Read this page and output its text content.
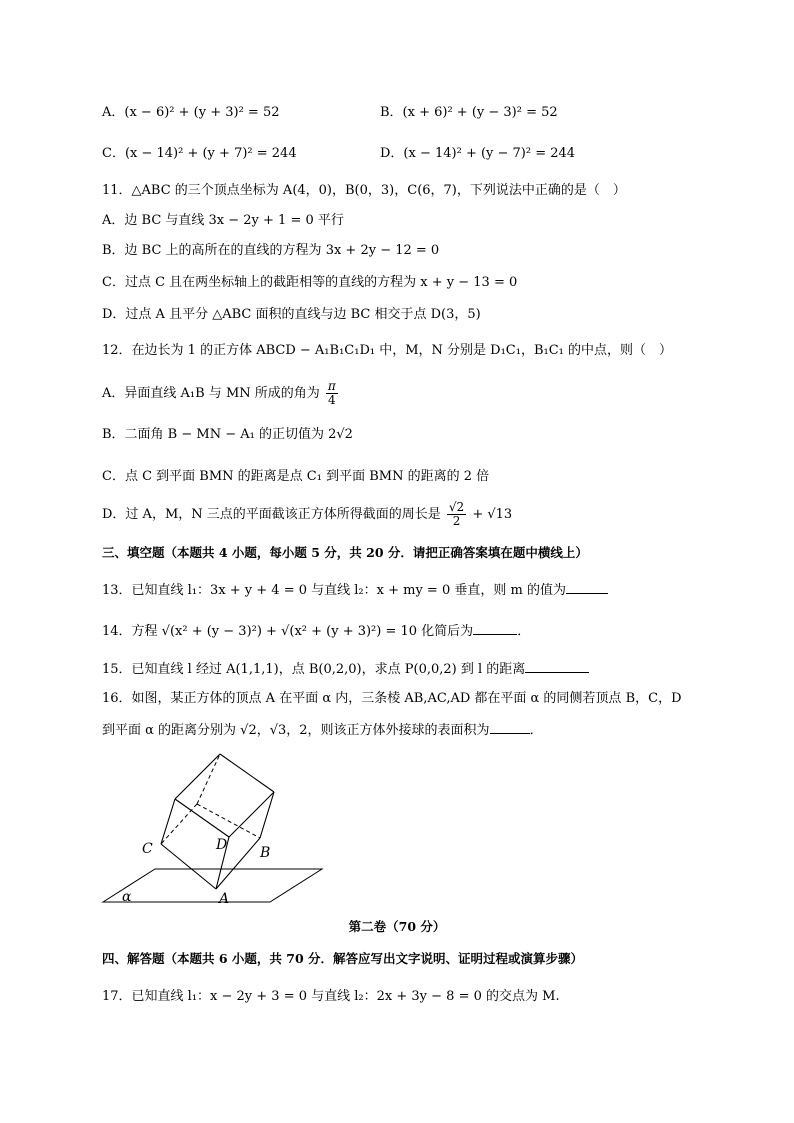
A．(x − 6)² + (y + 3)² = 52	B．(x + 6)² + (y − 3)² = 52
C．(x − 14)² + (y + 7)² = 244	D．(x − 14)² + (y − 7)² = 244
11．△ABC 的三个顶点坐标为 A(4，0)，B(0，3)，C(6，7)，下列说法中正确的是（　）
A．边 BC 与直线 3x − 2y + 1 = 0 平行
B．边 BC 上的高所在的直线的方程为 3x + 2y − 12 = 0
C．过点 C 且在两坐标轴上的截距相等的直线的方程为 x + y − 13 = 0
D．过点 A 且平分 △ABC 面积的直线与边 BC 相交于点 D(3，5)
12．在边长为 1 的正方体 ABCD − A₁B₁C₁D₁ 中，M，N 分别是 D₁C₁，B₁C₁ 的中点，则（　）
A．异面直线 A₁B 与 MN 所成的角为 $\frac{\pi}{4}$
B．二面角 B − MN − A₁ 的正切值为 2√2
C．点 C 到平面 BMN 的距离是点 C₁ 到平面 BMN 的距离的 2 倍
D．过 A，M，N 三点的平面截该正方体所得截面的周长是 $\frac{√2}{2} + √13$
三、填空题（本题共 4 小题，每小题 5 分，共 20 分．请把正确答案填在题中横线上）
13．已知直线 l₁：3x + y + 4 = 0 与直线 l₂：x + my = 0 垂直，则 m 的值为
14．方程 √(x² + (y − 3)²) + √(x² + (y + 3)²) = 10 化简后为	．
15．已知直线 l 经过 A(1,1,1)，点 B(0,2,0)，求点 P(0,0,2) 到 l 的距离
16．如图，某正方体的顶点 A 在平面 α 内，三条棱 AB,AC,AD 都在平面 α 的同侧若顶点 B，C，D
到平面 α 的距离分别为 √2，√3，2，则该正方体外接球的表面积为	．
C	D B
A
α
第二卷（70 分）
四、解答题（本题共 6 小题，共 70 分．解答应写出文字说明、证明过程或演算步骤）
17．已知直线 l₁：x − 2y + 3 = 0 与直线 l₂：2x + 3y − 8 = 0 的交点为 M.
